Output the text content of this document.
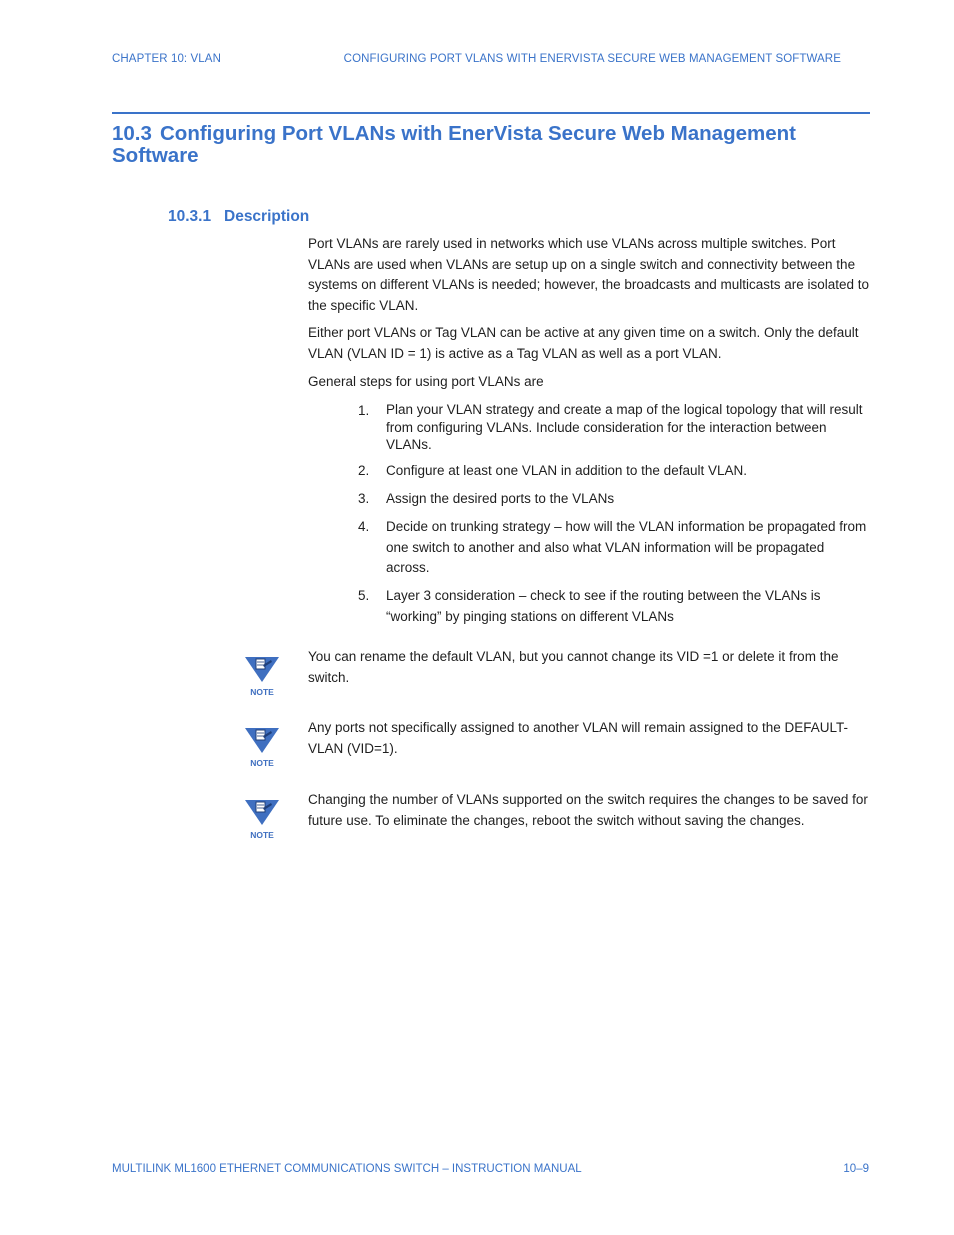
CHAPTER 10: VLAN	CONFIGURING PORT VLANS WITH ENERVISTA SECURE WEB MANAGEMENT SOFTWARE
10.3 Configuring Port VLANs with EnerVista Secure Web Management Software
10.3.1 Description

Port VLANs are rarely used in networks which use VLANs across multiple switches. Port VLANs are used when VLANs are setup up on a single switch and connectivity between the systems on different VLANs is needed; however, the broadcasts and multicasts are isolated to the specific VLAN.

Either port VLANs or Tag VLAN can be active at any given time on a switch. Only the default VLAN (VLAN ID = 1) is active as a Tag VLAN as well as a port VLAN.

General steps for using port VLANs are

1.	Plan your VLAN strategy and create a map of the logical topology that will result from configuring VLANs. Include consideration for the interaction between VLANs.
2.	Configure at least one VLAN in addition to the default VLAN.
3.	Assign the desired ports to the VLANs
4.	Decide on trunking strategy – how will the VLAN information be propagated from one switch to another and also what VLAN information will be propagated across.
5.	Layer 3 consideration – check to see if the routing between the VLANs is “working” by pinging stations on different VLANs
NOTE
You can rename the default VLAN, but you cannot change its VID =1 or delete it from the switch.
NOTE
Any ports not specifically assigned to another VLAN will remain assigned to the DEFAULT-VLAN (VID=1).
NOTE
Changing the number of VLANs supported on the switch requires the changes to be saved for future use. To eliminate the changes, reboot the switch without saving the changes.
MULTILINK ML1600 ETHERNET COMMUNICATIONS SWITCH – INSTRUCTION MANUAL	10–9
